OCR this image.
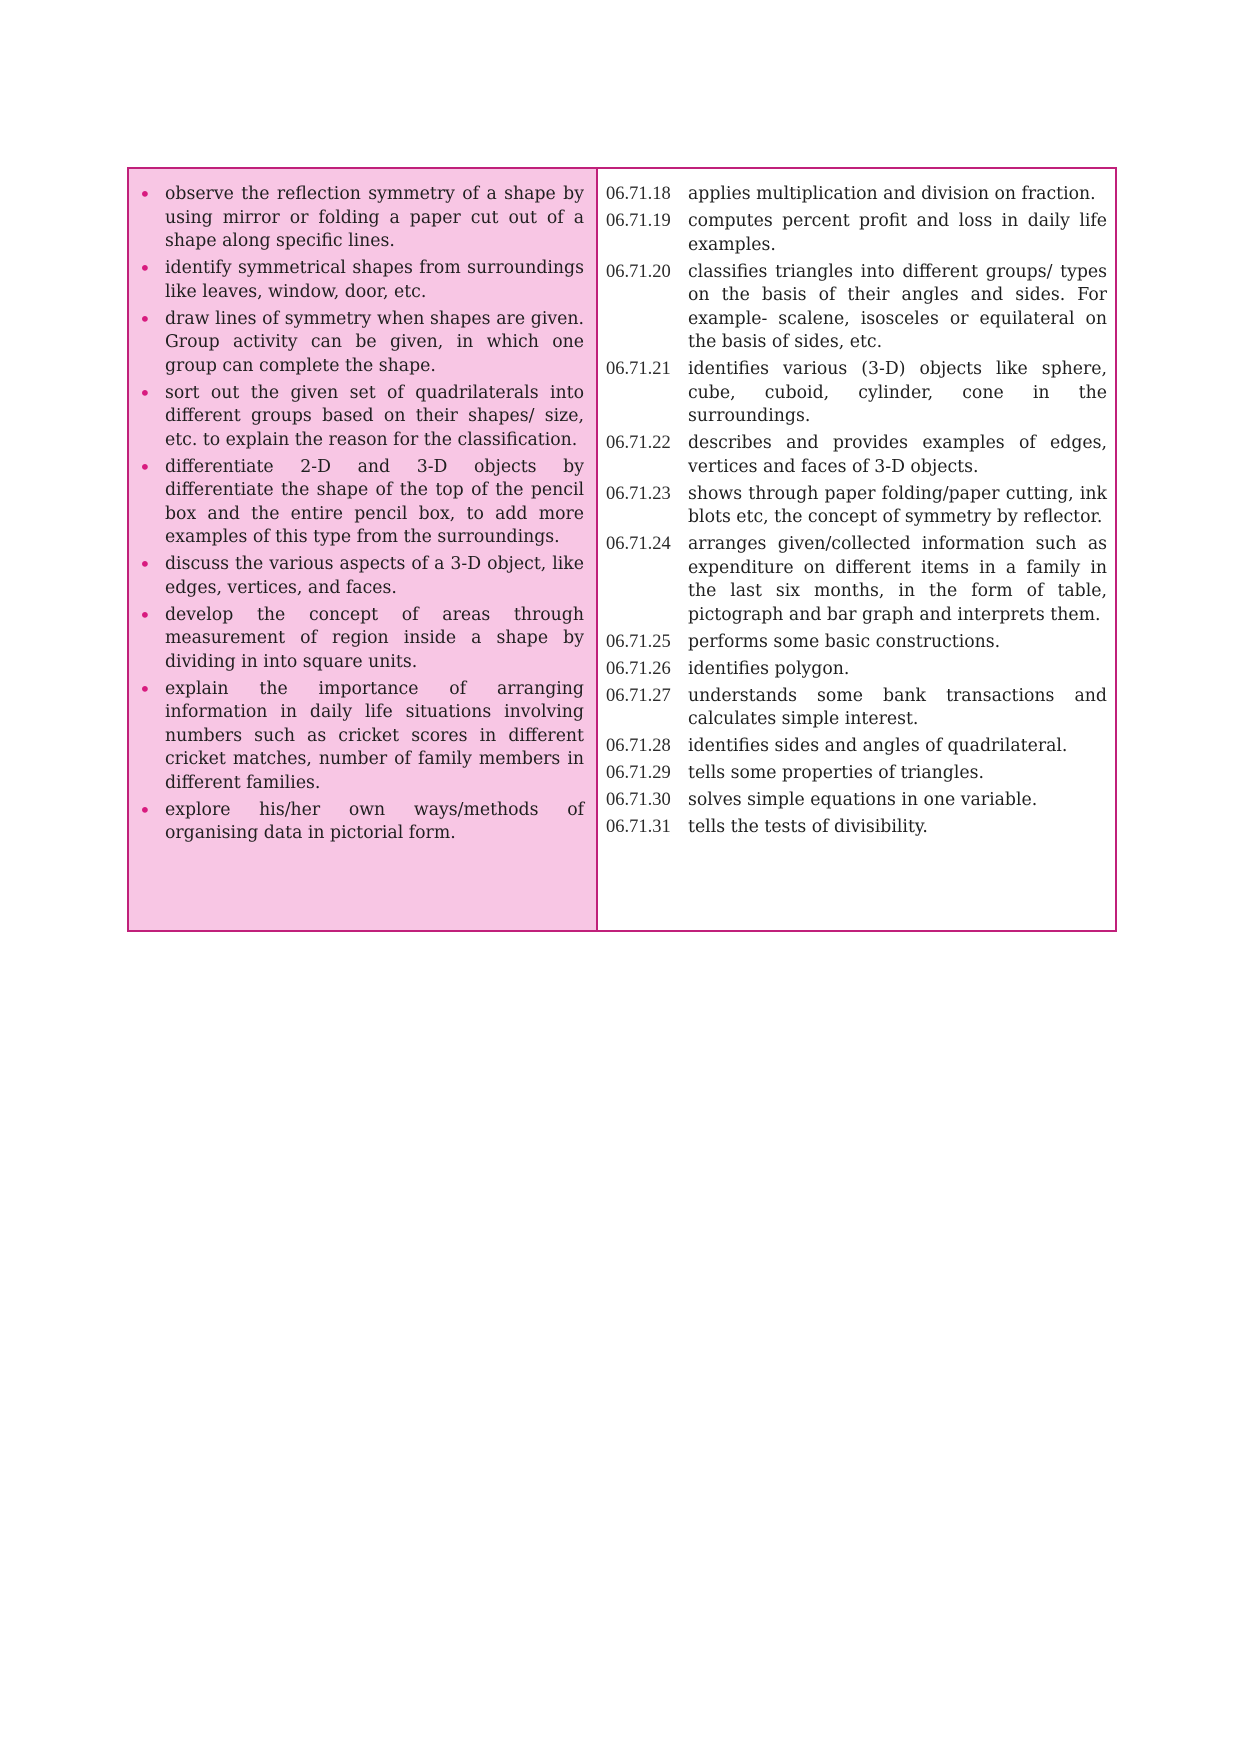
• observe the reflection symmetry of a shape by using mirror or folding a paper cut out of a shape along specific lines.
• identify symmetrical shapes from surroundings like leaves, window, door, etc.
• draw lines of symmetry when shapes are given. Group activity can be given, in which one group can complete the shape.
• sort out the given set of quadrilaterals into different groups based on their shapes/ size, etc. to explain the reason for the classification.
• differentiate 2-D and 3-D objects by differentiate the shape of the top of the pencil box and the entire pencil box, to add more examples of this type from the surroundings.
• discuss the various aspects of a 3-D object, like edges, vertices, and faces.
• develop the concept of areas through measurement of region inside a shape by dividing in into square units.
• explain the importance of arranging information in daily life situations involving numbers such as cricket scores in different cricket matches, number of family members in different families.
• explore his/her own ways/methods of organising data in pictorial form.
06.71.18 applies multiplication and division on fraction.
06.71.19 computes percent profit and loss in daily life examples.
06.71.20 classifies triangles into different groups/ types on the basis of their angles and sides. For example- scalene, isosceles or equilateral on the basis of sides, etc.
06.71.21 identifies various (3-D) objects like sphere, cube, cuboid, cylinder, cone in the surroundings.
06.71.22 describes and provides examples of edges, vertices and faces of 3-D objects.
06.71.23 shows through paper folding/paper cutting, ink blots etc, the concept of symmetry by reflector.
06.71.24 arranges given/collected information such as expenditure on different items in a family in the last six months, in the form of table, pictograph and bar graph and interprets them.
06.71.25 performs some basic constructions.
06.71.26 identifies polygon.
06.71.27 understands some bank transactions and calculates simple interest.
06.71.28 identifies sides and angles of quadrilateral.
06.71.29 tells some properties of triangles.
06.71.30 solves simple equations in one variable.
06.71.31 tells the tests of divisibility.
